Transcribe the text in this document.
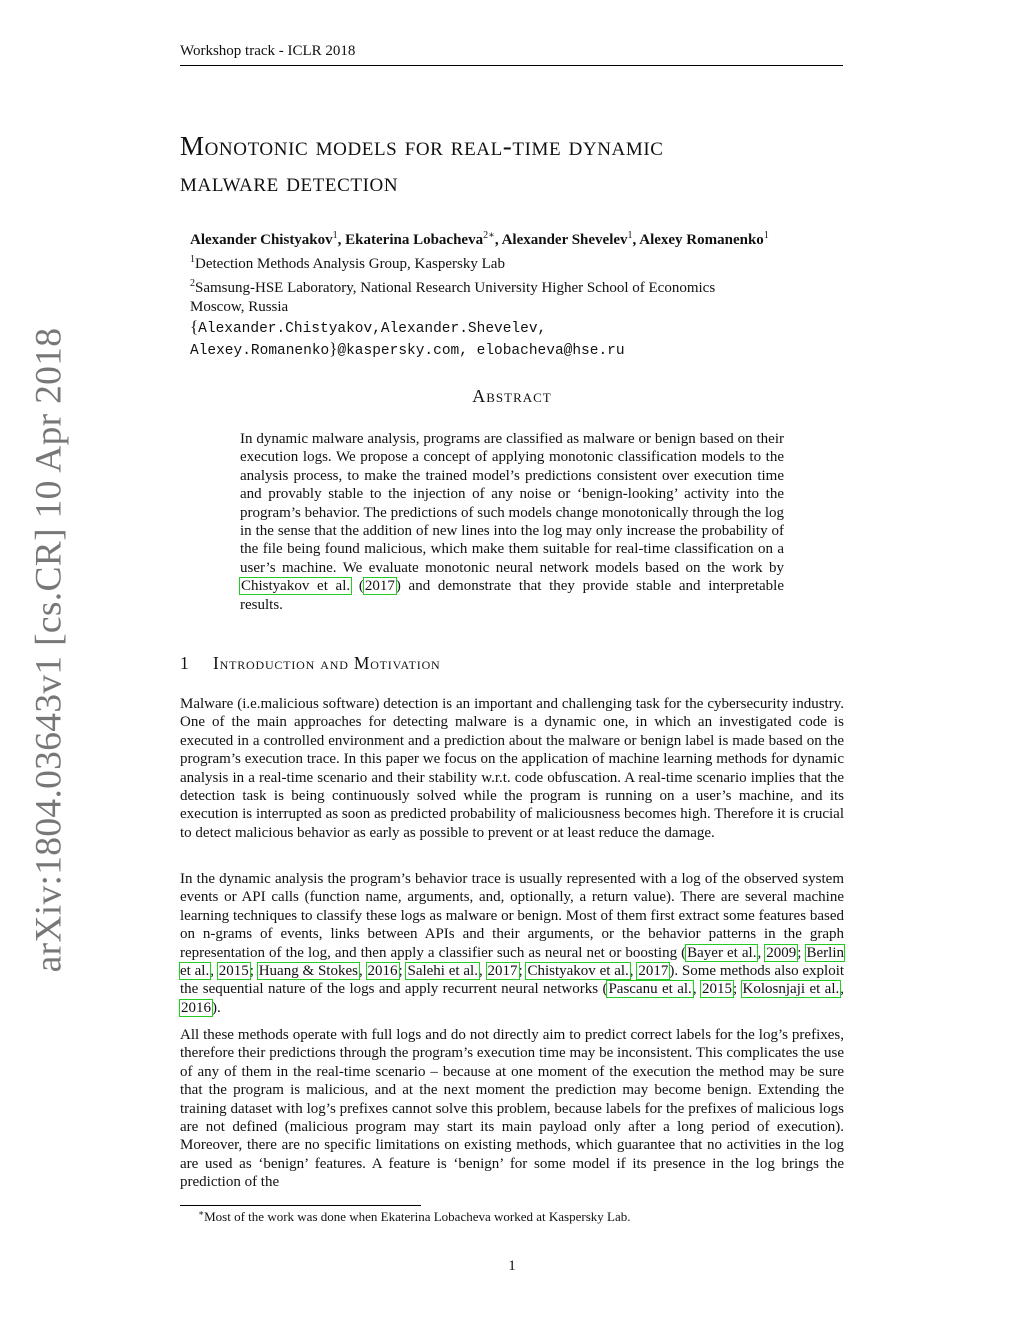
Workshop track - ICLR 2018
arXiv:1804.03643v1 [cs.CR] 10 Apr 2018
Monotonic models for real-time dynamic
malware detection
Alexander Chistyakov$^1$, Ekaterina Lobacheva$^{2∗}$, Alexander Shevelev$^1$, Alexey Romanenko$^1$
$^1$Detection Methods Analysis Group, Kaspersky Lab
$^2$Samsung-HSE Laboratory, National Research University Higher School of Economics
Moscow, Russia
{Alexander.Chistyakov,Alexander.Shevelev,
Alexey.Romanenko}@kaspersky.com, elobacheva@hse.ru
Abstract
In dynamic malware analysis, programs are classified as malware or benign based on their execution logs. We propose a concept of applying monotonic classification models to the analysis process, to make the trained model’s predictions consistent over execution time and provably stable to the injection of any noise or ‘benign-looking’ activity into the program’s behavior. The predictions of such models change monotonically through the log in the sense that the addition of new lines into the log may only increase the probability of the file being found malicious, which make them suitable for real-time classification on a user’s machine. We evaluate monotonic neural network models based on the work by Chistyakov et al. (2017) and demonstrate that they provide stable and interpretable results.
1 Introduction and Motivation
Malware (i.e.malicious software) detection is an important and challenging task for the cybersecurity industry. One of the main approaches for detecting malware is a dynamic one, in which an investigated code is executed in a controlled environment and a prediction about the malware or benign label is made based on the program’s execution trace. In this paper we focus on the application of machine learning methods for dynamic analysis in a real-time scenario and their stability w.r.t. code obfuscation. A real-time scenario implies that the detection task is being continuously solved while the program is running on a user’s machine, and its execution is interrupted as soon as predicted probability of maliciousness becomes high. Therefore it is crucial to detect malicious behavior as early as possible to prevent or at least reduce the damage.
In the dynamic analysis the program’s behavior trace is usually represented with a log of the observed system events or API calls (function name, arguments, and, optionally, a return value). There are several machine learning techniques to classify these logs as malware or benign. Most of them first extract some features based on n-grams of events, links between APIs and their arguments, or the behavior patterns in the graph representation of the log, and then apply a classifier such as neural net or boosting (Bayer et al., 2009; Berlin et al., 2015; Huang & Stokes, 2016; Salehi et al., 2017; Chistyakov et al., 2017). Some methods also exploit the sequential nature of the logs and apply recurrent neural networks (Pascanu et al., 2015; Kolosnjaji et al., 2016).
All these methods operate with full logs and do not directly aim to predict correct labels for the log’s prefixes, therefore their predictions through the program’s execution time may be inconsistent. This complicates the use of any of them in the real-time scenario – because at one moment of the execution the method may be sure that the program is malicious, and at the next moment the prediction may become benign. Extending the training dataset with log’s prefixes cannot solve this problem, because labels for the prefixes of malicious logs are not defined (malicious program may start its main payload only after a long period of execution). Moreover, there are no specific limitations on existing methods, which guarantee that no activities in the log are used as ‘benign’ features. A feature is ‘benign’ for some model if its presence in the log brings the prediction of the
∗Most of the work was done when Ekaterina Lobacheva worked at Kaspersky Lab.
1
